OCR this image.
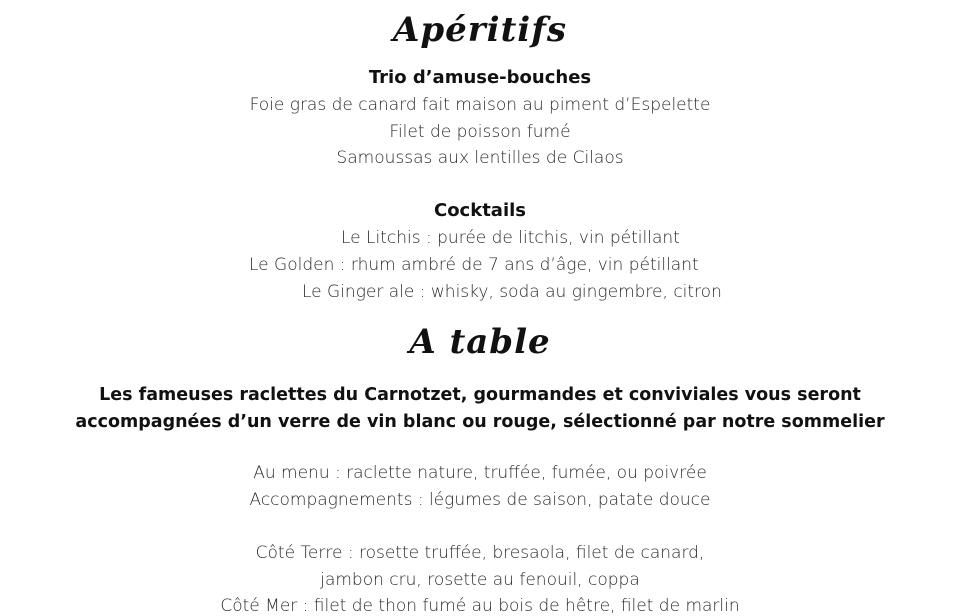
Apéritifs
Trio d’amuse-bouches

Foie gras de canard fait maison au piment d’Espelette

Filet de poisson fumé

Samoussas aux lentilles de Cilaos

Cocktails

Le Litchis : purée de litchis, vin pétillant

Le Golden : rhum ambré de 7 ans d’âge, vin pétillant

Le Ginger ale : whisky, soda au gingembre, citron

A table
Les fameuses raclettes du Carnotzet, gourmandes et conviviales vous seront
accompagnées d’un verre de vin blanc ou rouge, sélectionné par notre sommelier

Au menu : raclette nature, truffée, fumée, ou poivrée

Accompagnements : légumes de saison, patate douce

Côté Terre : rosette truffée, bresaola, filet de canard,

jambon cru, rosette au fenouil, coppa

Côté Mer : filet de thon fumé au bois de hêtre, filet de marlin
